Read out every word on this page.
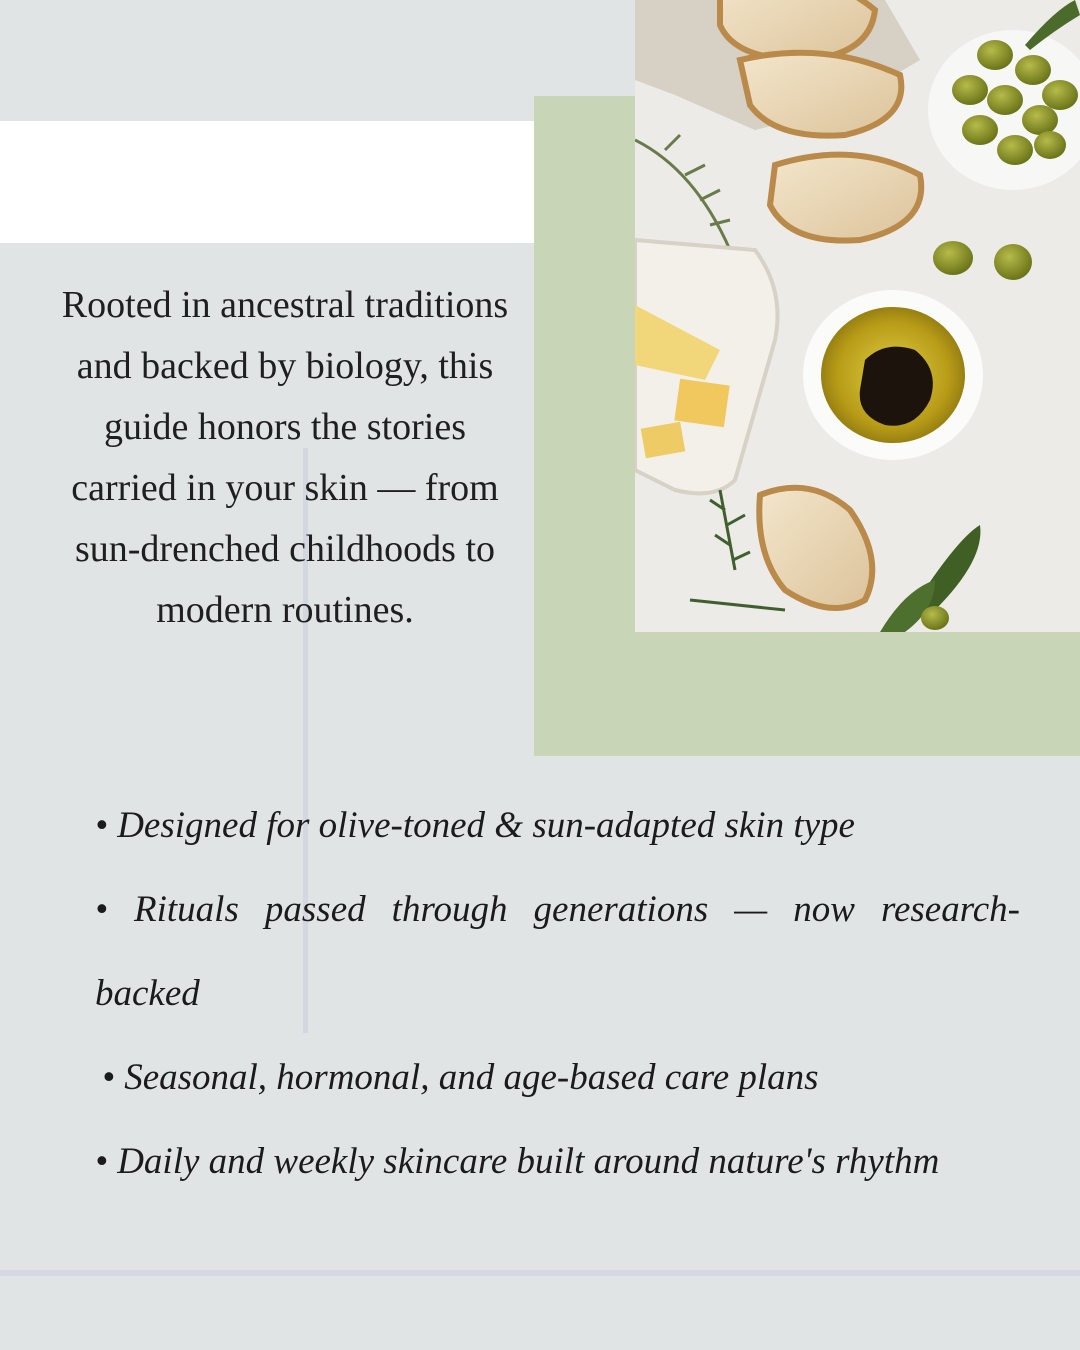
Rooted in ancestral traditions and backed by biology, this guide honors the stories carried in your skin — from sun-drenched childhoods to modern routines.

• Designed for olive-toned & sun-adapted skin type

• Rituals passed through generations — now research-backed

• Seasonal, hormonal, and age-based care plans

• Daily and weekly skincare built around nature's rhythm
